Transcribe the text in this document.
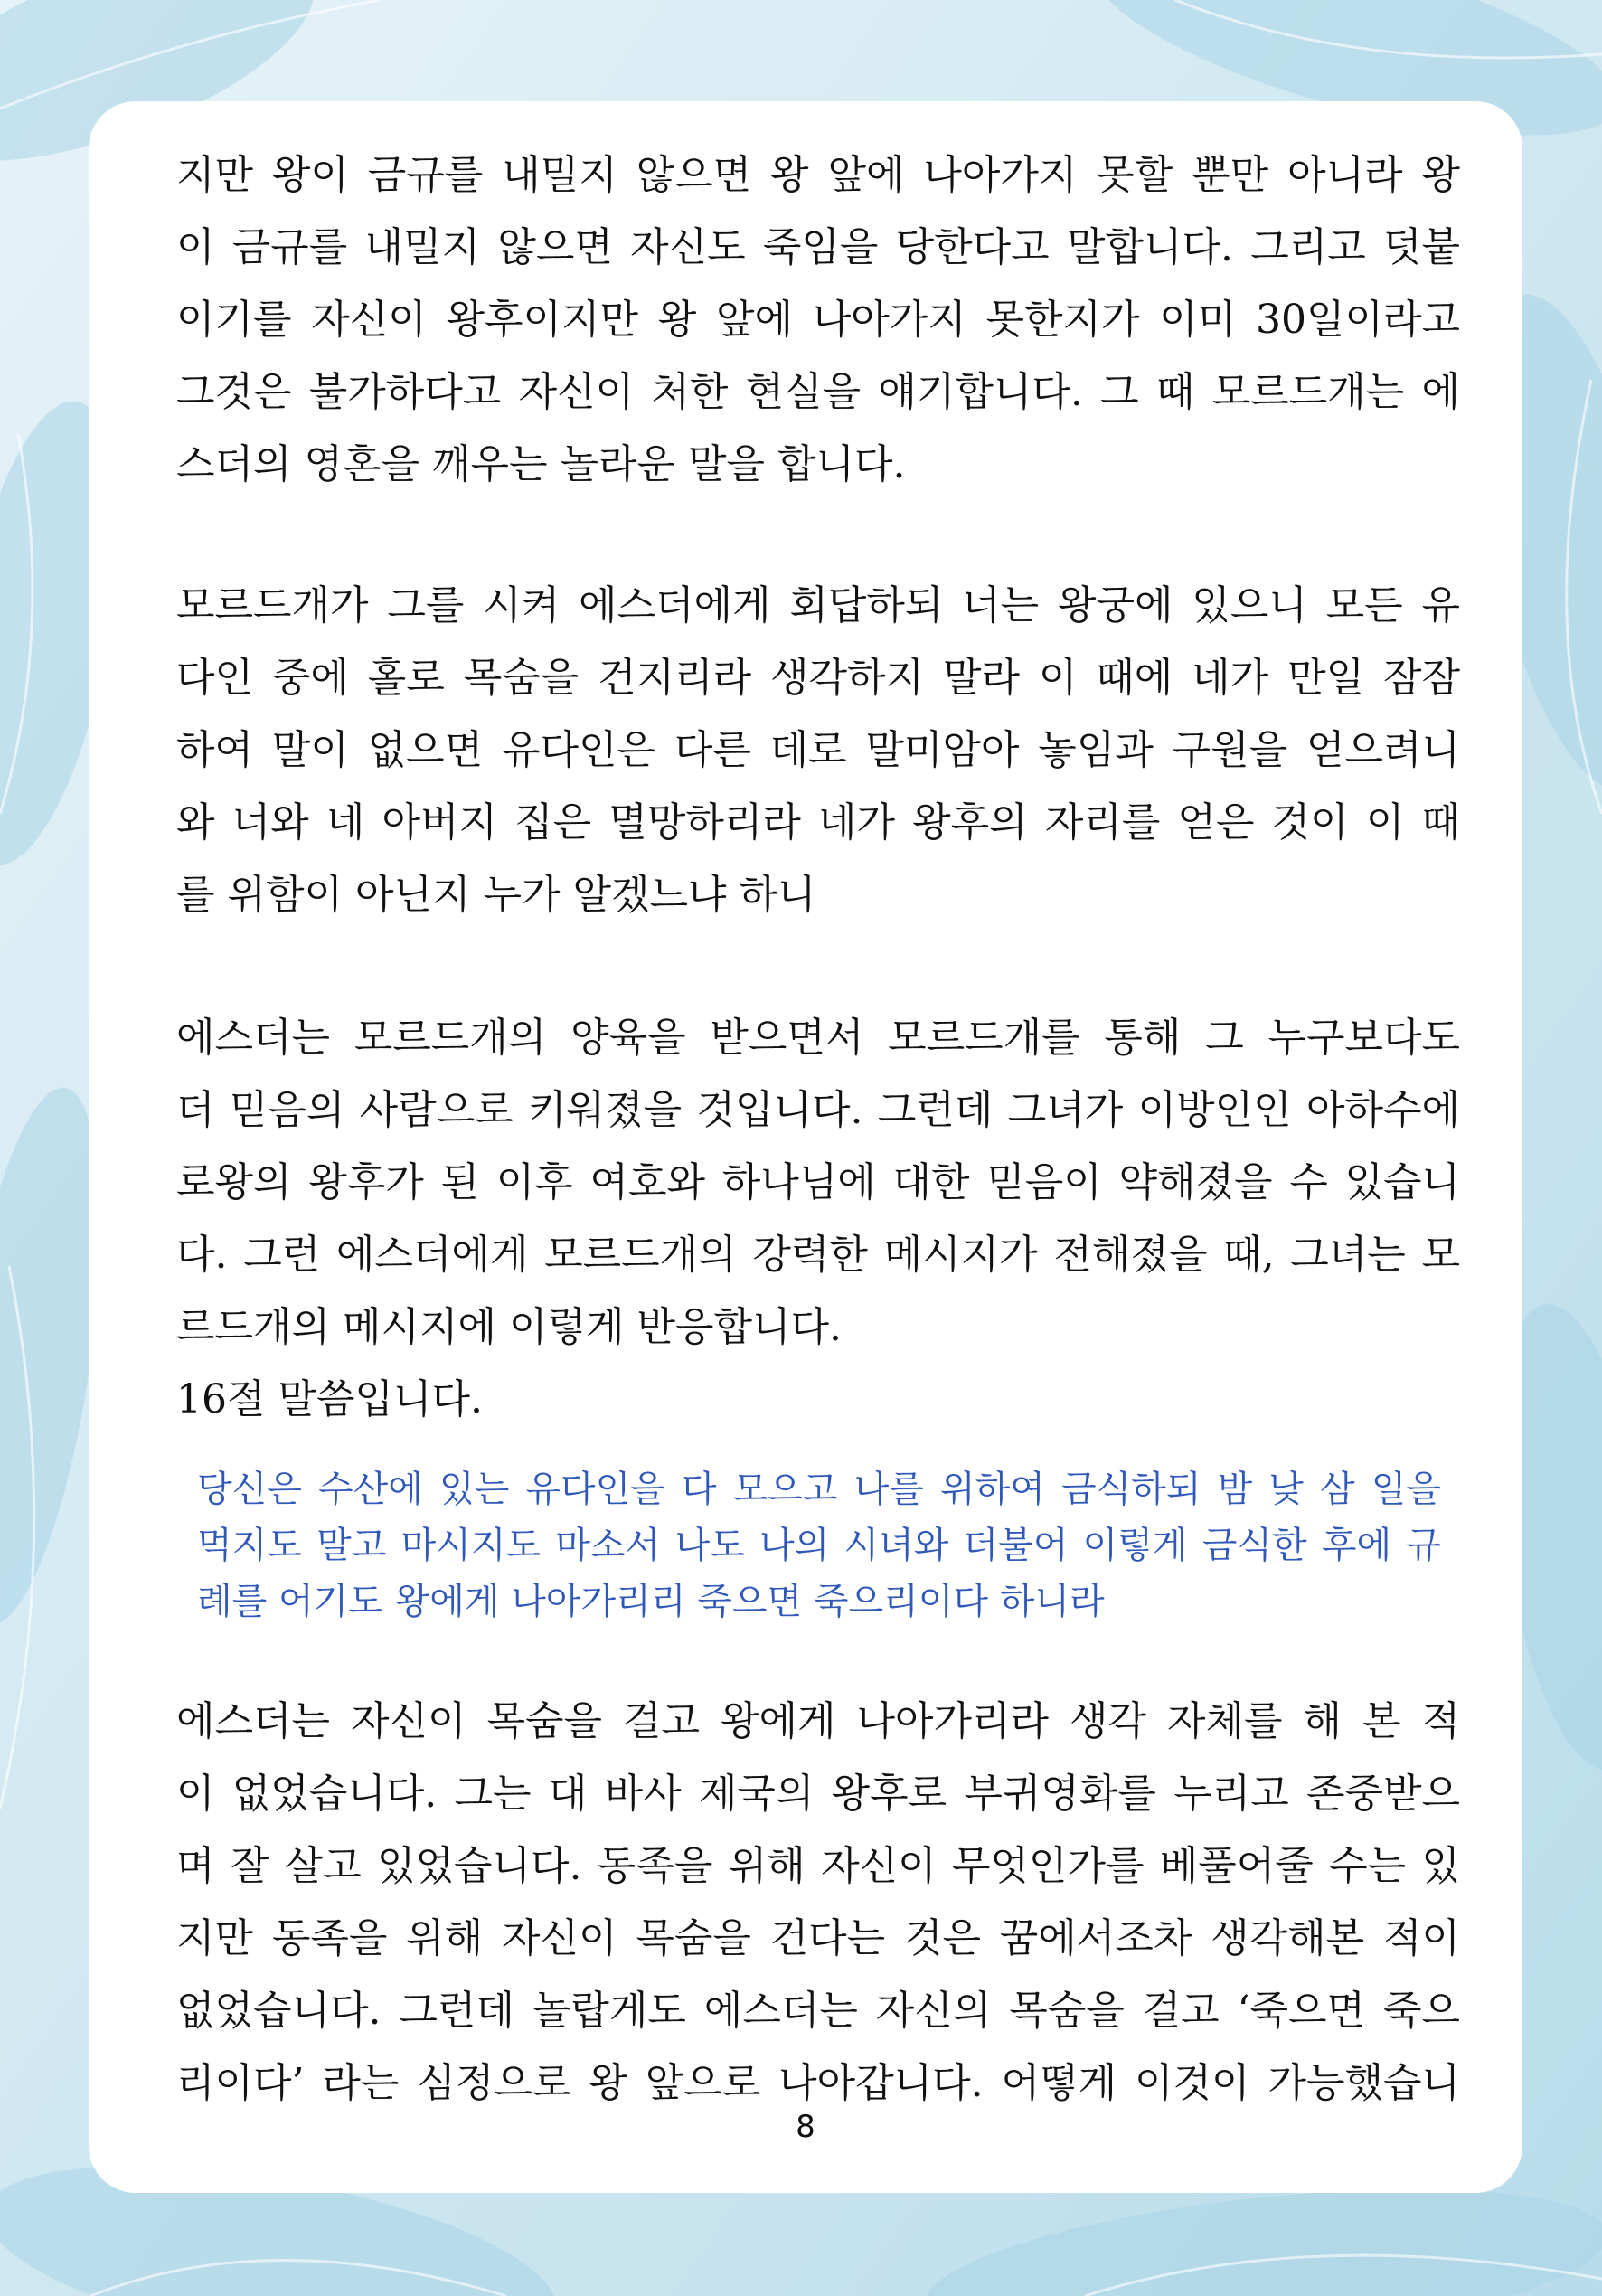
지만 왕이 금규를 내밀지 않으면 왕 앞에 나아가지 못할 뿐만 아니라 왕
이 금규를 내밀지 않으면 자신도 죽임을 당한다고 말합니다. 그리고 덧붙
이기를 자신이 왕후이지만 왕 앞에 나아가지 못한지가 이미 30일이라고
그것은 불가하다고 자신이 처한 현실을 얘기합니다. 그 때 모르드개는 에
스더의 영혼을 깨우는 놀라운 말을 합니다.
모르드개가 그를 시켜 에스더에게 회답하되 너는 왕궁에 있으니 모든 유
다인 중에 홀로 목숨을 건지리라 생각하지 말라 이 때에 네가 만일 잠잠
하여 말이 없으면 유다인은 다른 데로 말미암아 놓임과 구원을 얻으려니
와 너와 네 아버지 집은 멸망하리라 네가 왕후의 자리를 얻은 것이 이 때
를 위함이 아닌지 누가 알겠느냐 하니
에스더는 모르드개의 양육을 받으면서 모르드개를 통해 그 누구보다도
더 믿음의 사람으로 키워졌을 것입니다. 그런데 그녀가 이방인인 아하수에
로왕의 왕후가 된 이후 여호와 하나님에 대한 믿음이 약해졌을 수 있습니
다. 그런 에스더에게 모르드개의 강력한 메시지가 전해졌을 때, 그녀는 모
르드개의 메시지에 이렇게 반응합니다.
16절 말씀입니다.
당신은 수산에 있는 유다인을 다 모으고 나를 위하여 금식하되 밤 낮 삼 일을
먹지도 말고 마시지도 마소서 나도 나의 시녀와 더불어 이렇게 금식한 후에 규
례를 어기도 왕에게 나아가리리 죽으면 죽으리이다 하니라
에스더는 자신이 목숨을 걸고 왕에게 나아가리라 생각 자체를 해 본 적
이 없었습니다. 그는 대 바사 제국의 왕후로 부귀영화를 누리고 존중받으
며 잘 살고 있었습니다. 동족을 위해 자신이 무엇인가를 베풀어줄 수는 있
지만 동족을 위해 자신이 목숨을 건다는 것은 꿈에서조차 생각해본 적이
없었습니다. 그런데 놀랍게도 에스더는 자신의 목숨을 걸고 ‘죽으면 죽으
리이다’ 라는 심정으로 왕 앞으로 나아갑니다. 어떻게 이것이 가능했습니
8
